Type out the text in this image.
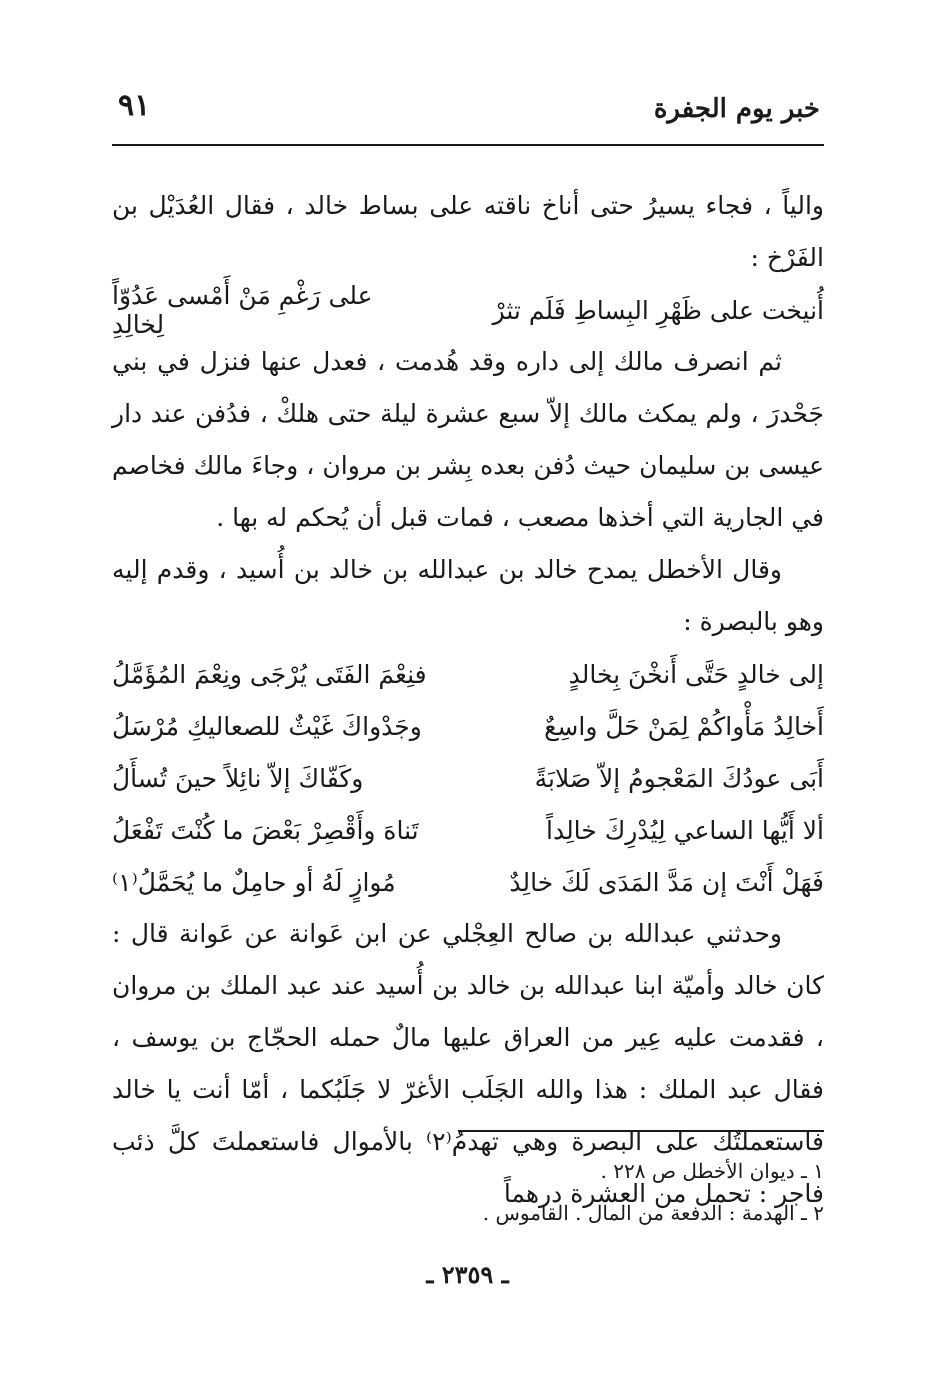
خبر يوم الجفرة
٩١

والياً ، فجاء يسيرُ حتى أناخ ناقته على بساط خالد ، فقال العُدَيْل بن الفَرْخ :

أُنيخت على ظَهْرِ البِساطِ فَلَم تثرْ
على رَغْمِ مَنْ أَمْسى عَدُوّاً لِخالِدِ

ثم انصرف مالك إلى داره وقد هُدمت ، فعدل عنها فنزل في بني جَحْدرَ ، ولم يمكث مالك إلاّ سبع عشرة ليلة حتى هلكْ ، فدُفن عند دار عيسى بن سليمان حيث دُفن بعده بِشر بن مروان ، وجاءَ مالك فخاصم في الجارية التي أخذها مصعب ، فمات قبل أن يُحكم له بها .

وقال الأخطل يمدح خالد بن عبدالله بن خالد بن أُسيد ، وقدم إليه وهو بالبصرة :

إلى خالدٍ حَتَّى أَنخْنَ بِخالدٍ
فنِعْمَ الفَتَى يُرْجَى ونِعْمَ المُؤَمَّلُ
أَخالِدُ مَأْواكُمْ لِمَنْ حَلَّ واسِعٌ
وجَدْواكَ غَيْثٌ للصعاليكِ مُرْسَلُ
أَبَى عودُكَ المَعْجومُ إلاّ صَلابَةً
وكَفّاكَ إلاّ نائِلاً حينَ تُسأَلُ
ألا أَيُّها الساعي لِيُدْرِكَ خالِداً
تَناهَ وأَقْصِرْ بَعْضَ ما كُنْتَ تَفْعَلُ
فَهَلْ أَنْتَ إن مَدَّ المَدَى لَكَ خالِدٌ
مُوازٍ لَهُ أو حامِلٌ ما يُحَمَّلُ⁽١⁾

وحدثني عبدالله بن صالح العِجْلي عن ابن عَوانة عن عَوانة قال : كان خالد وأميّة ابنا عبدالله بن خالد بن أُسيد عند عبد الملك بن مروان ، فقدمت عليه عِير من العراق عليها مالٌ حمله الحجّاج بن يوسف ، فقال عبد الملك : هذا والله الجَلَب الأغرّ لا جَلَبُكما ، أمّا أنت يا خالد فاستعملتُك على البصرة وهي تهدمُ⁽٢⁾ بالأموال فاستعملتَ كلَّ ذئب فاجر : تحمل من العشرة درهماً

١ ـ ديوان الأخطل ص ٢٢٨ .

٢ ـ الهدمة : الدفعة من المال . القاموس .

ـ ٢٣٥٩ ـ
